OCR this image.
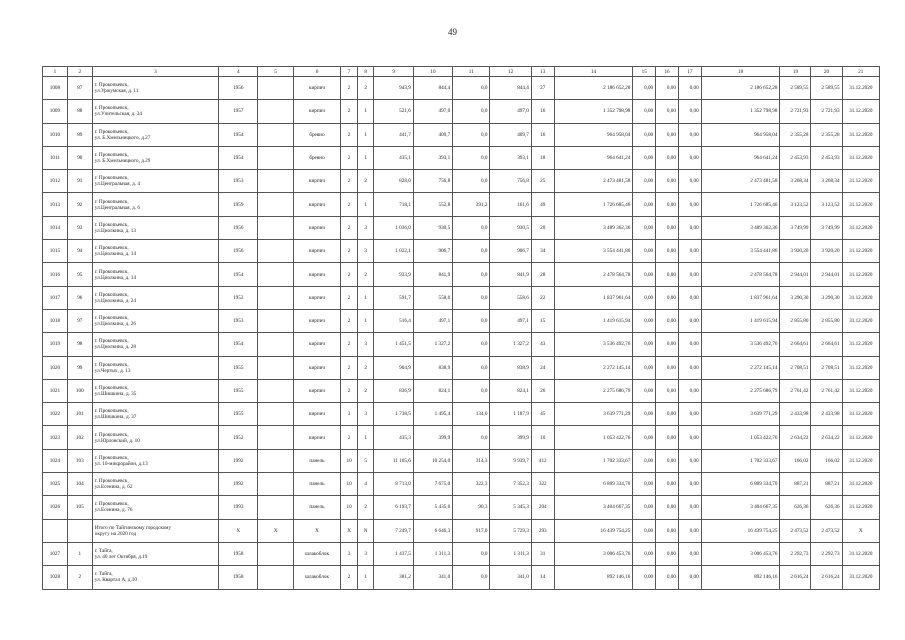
49
1	2	3	4	5	6	7	8	9	10	11	12	13	14	15	16	17	18	19	20	21
1008	87	г. Прокопьевск,
ул.Уржумская, д. 11	1956		кирпич	2	2	943,9	844,4	0,0	844,4	27	2 186 652,28	0,00	0,00	0,00	2 186 652,28	2 589,55	2 589,55	31.12.2020
1009	88	г. Прокопьевск,
ул.Учительская, д. 34	1957		кирпич	2	1	521,6	497,0	0,0	497,0	16	1 352 798,98	0,00	0,00	0,00	1 352 798,98	2 721,93	2 721,93	31.12.2020
1010	89	г. Прокопьевск,
ул. Б.Хмельницкого, д.27	1954		бревно	2	1	441,7	409,7	0,0	409,7	16	964 958,04	0,00	0,00	0,00	964 958,04	2 355,28	2 355,28	31.12.2020
1011	90	г. Прокопьевск,
ул. Б.Хмельницкого, д.29	1954		бревно	2	1	435,1	393,1	0,0	393,1	18	964 641,24	0,00	0,00	0,00	964 641,24	2 453,93	2 453,93	31.12.2020
1012	91	г. Прокопьевск,
ул.Центральная, д. 4	1953		кирпич	2	2	828,0	756,8	0,0	756,8	25	2 473 481,58	0,00	0,00	0,00	2 473 481,58	3 268,34	3 268,34	31.12.2020
1013	92	г. Прокопьевск,
ул.Центральная, д. 6	1959		кирпич	2	1	718,1	552,8	391,2	161,6	49	1 726 685,46	0,00	0,00	0,00	1 726 685,46	3 123,52	3 123,52	31.12.2020
1014	93	г. Прокопьевск,
ул.Циолкина, д. 13	1956		кирпич	2	3	1 036,0	930,5	0,0	930,5	20	3 489 362,36	0,00	0,00	0,00	3 489 362,36	3 749,99	3 749,99	31.12.2020
1015	94	г. Прокопьевск,
ул.Циолкина, д. 14	1956		кирпич	2	3	1 022,1	906,7	0,0	906,7	34	3 554 441,86	0,00	0,00	0,00	3 554 441,86	3 920,20	3 920,20	31.12.2020
1016	95	г. Прокопьевск,
ул.Циолкина, д. 14	1954		кирпич	2	2	933,9	841,9	0,0	841,9	28	2 478 564,78	0,00	0,00	0,00	2 478 564,78	2 944,01	2 944,01	31.12.2020
1017	96	г. Прокопьевск,
ул.Циолкина, д. 24	1952		кирпич	2	1	591,7	558,6	0,0	558,6	22	1 837 961,64	0,00	0,00	0,00	1 837 961,64	3 290,30	3 290,30	31.12.2020
1018	97	г. Прокопьевск,
ул.Циолкина, д. 26	1953		кирпич	2	1	516,4	497,1	0,0	497,1	15	1 419 615,94	0,00	0,00	0,00	1 419 615,94	2 855,80	2 855,80	31.12.2020
1019	98	г. Прокопьевск,
ул.Циолкина, д. 28	1954		кирпич	2	3	1 451,5	1 327,2	0,0	1 327,2	43	3 536 492,76	0,00	0,00	0,00	3 536 492,76	2 664,61	2 664,61	31.12.2020
1020	99	г. Прокопьевск,
ул.Чертых, д. 13	1955		кирпич	2	2	904,9	838,9	0,0	838,9	24	2 272 145,14	0,00	0,00	0,00	2 272 145,14	2 708,51	2 708,51	31.12.2020
1021	100	г. Прокопьевск,
ул.Шишкина, д. 35	1955		кирпич	2	2	836,9	824,1	0,0	824,1	26	2 275 686,79	0,00	0,00	0,00	2 275 686,79	2 761,42	2 761,42	31.12.2020
1022	101	г. Прокопьевск,
ул.Шишкина, д. 37	1955		кирпич	3	3	1 738,5	1 495,4	134,0	1 187,9	45	3 639 771,29	0,00	0,00	0,00	3 639 771,29	2 433,98	2 433,98	31.12.2020
1023	102	г. Прокопьевск,
ул.Юрловский, д. 10	1952		кирпич	2	1	435,3	399,9	0,0	399,9	10	1 053 422,76	0,00	0,00	0,00	1 053 422,76	2 634,22	2 634,22	31.12.2020
1024	103	г. Прокопьевск,
ул. 10-микрорайон, д.13	1992		панель	10	5	11 165,6	10 254,0	314,3	9 939,7	412	1 702 333,67	0,00	0,00	0,00	1 702 333,67	166,02	166,02	31.12.2020
1025	104	г. Прокопьевск,
ул.Есенина, д. 62	1992		панель	10	4	8 713,0	7 675,0	322,3	7 352,3	322	6 809 334,70	0,00	0,00	0,00	6 809 334,70	887,21	887,21	31.12.2020
1026	105	г. Прокопьевск,
ул.Есенина, д. 76	1993		панель	10	2	6 193,7	5 435,6	90,3	5 345,3	204	3 404 667,35	0,00	0,00	0,00	3 404 667,35	626,36	626,36	31.12.2020
		Итого по Тайгинскому городскому
округу на 2020 год	X	X	X	X	N	7 249,7	6 646,3	917,0	5 729,3	293	16 439 754,25	0,00	0,00	0,00	16 439 754,25	2 473,52	2 473,52	X
1027	1	г. Тайга,
ул. 40 лет Октября, д.19	1958		шлакоблок	3	3	1 437,5	1 311,3	0,0	1 311,3	31	3 006 453,76	0,00	0,00	0,00	3 006 453,76	2 292,73	2 292,73	31.12.2020
1028	2	г. Тайга,
ул. Квартал А, д.10	1958		шлакоблок	2	1	381,2	341,0	0,0	341,0	14	892 146,16	0,00	0,00	0,00	892 146,16	2 616,24	2 616,24	31.12.2020
